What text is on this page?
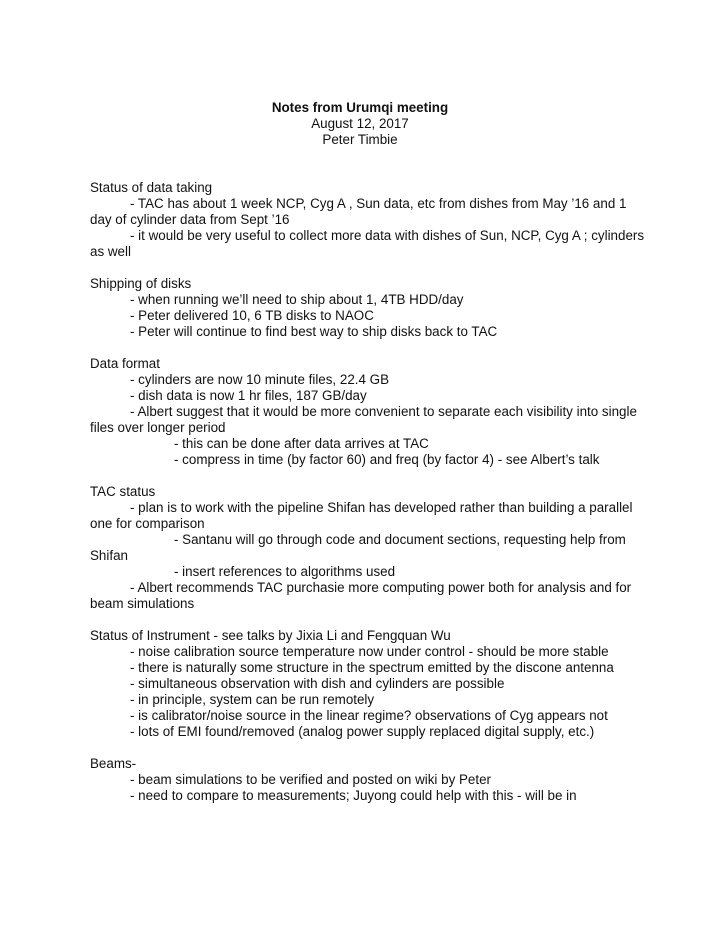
Notes from Urumqi meeting
August 12, 2017
Peter Timbie
Status of data taking
- TAC has about 1 week NCP, Cyg A , Sun data, etc from dishes from May ’16 and 1 day of cylinder data from Sept ’16
- it would be very useful to collect more data with dishes of Sun, NCP, Cyg A ; cylinders as well
Shipping of disks
- when running we’ll need to ship about 1, 4TB HDD/day
- Peter delivered 10, 6 TB disks to NAOC
- Peter will continue to find best way to ship disks back to TAC
Data format
- cylinders are now 10 minute files, 22.4 GB
- dish data is now 1 hr files, 187 GB/day
- Albert suggest that it would be more convenient to separate each visibility into single files over longer period
- this can be done after data arrives at TAC
- compress in time (by factor 60) and freq (by factor 4) - see Albert’s talk
TAC status
- plan is to work with the pipeline Shifan has developed rather than building a parallel one for comparison
- Santanu will go through code and document sections, requesting help from Shifan
- insert references to algorithms used
- Albert recommends TAC purchasie more computing power both for analysis and for beam simulations
Status of Instrument - see talks by Jixia Li and Fengquan Wu
- noise calibration source temperature now under control - should be more stable
- there is naturally some structure in the spectrum emitted by the discone antenna
- simultaneous observation with dish and cylinders are possible
- in principle, system can be run remotely
- is calibrator/noise source in the linear regime? observations of Cyg appears not
- lots of EMI found/removed (analog power supply replaced digital supply, etc.)
Beams-
- beam simulations to be verified and posted on wiki by Peter
- need to compare to measurements; Juyong could help with this - will be in
